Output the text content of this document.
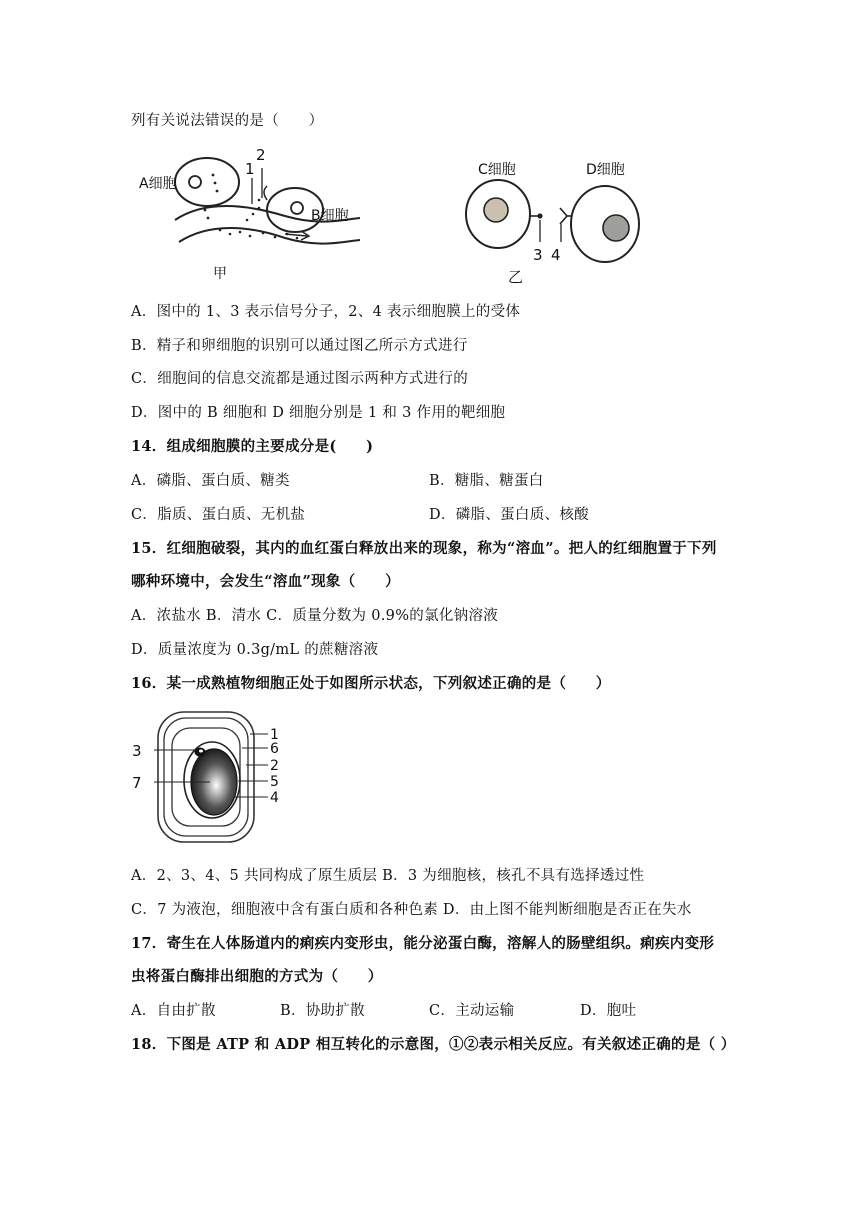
列有关说法错误的是（　　）
A细胞
B细胞
1
2
甲
C细胞	D细胞
3 4
乙
A．图中的 1、3 表示信号分子，2、4 表示细胞膜上的受体
B．精子和卵细胞的识别可以通过图乙所示方式进行
C．细胞间的信息交流都是通过图示两种方式进行的
D．图中的 B 细胞和 D 细胞分别是 1 和 3 作用的靶细胞
14．组成细胞膜的主要成分是(　　)
A．磷脂、蛋白质、糖类	B．糖脂、糖蛋白
C．脂质、蛋白质、无机盐	D．磷脂、蛋白质、核酸
15．红细胞破裂，其内的血红蛋白释放出来的现象，称为“溶血”。把人的红细胞置于下列
哪种环境中，会发生“溶血”现象（　　）
A．浓盐水 B．清水 C．质量分数为 0.9%的氯化钠溶液
D．质量浓度为 0.3g/mL 的蔗糖溶液
16．某一成熟植物细胞正处于如图所示状态，下列叙述正确的是（　　）
3
7
1
6
2
5
4
A．2、3、4、5 共同构成了原生质层 B．3 为细胞核，核孔不具有选择透过性
C．7 为液泡，细胞液中含有蛋白质和各种色素 D．由上图不能判断细胞是否正在失水
17．寄生在人体肠道内的痢疾内变形虫，能分泌蛋白酶，溶解人的肠壁组织。痢疾内变形
虫将蛋白酶排出细胞的方式为（　　）
A．自由扩散	B．协助扩散	C．主动运输	D．胞吐
18．下图是 ATP 和 ADP 相互转化的示意图，①②表示相关反应。有关叙述正确的是（ ）
